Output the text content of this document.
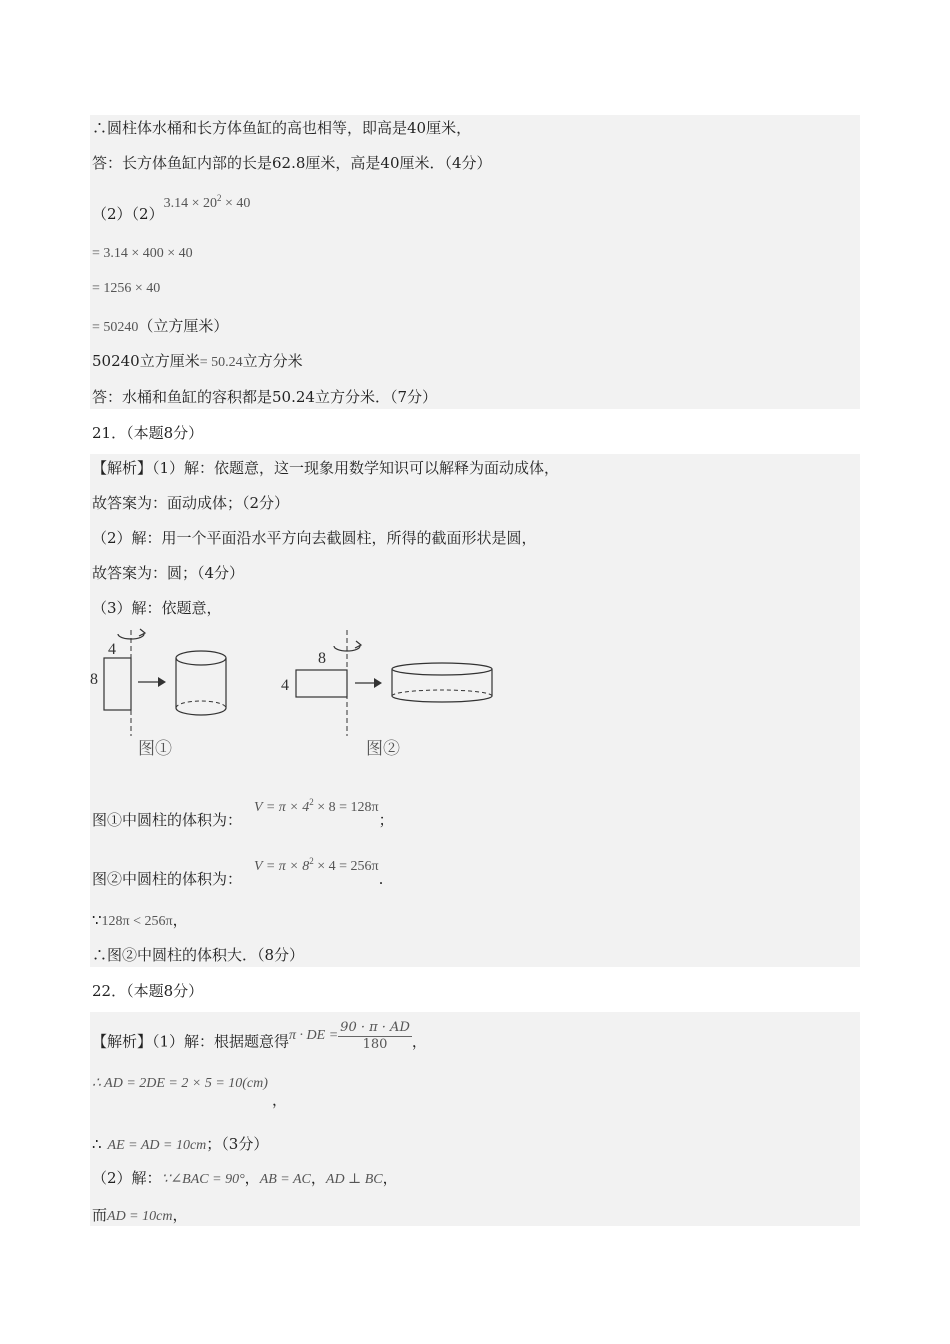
∴圆柱体水桶和长方体鱼缸的高也相等，即高是40厘米，
答：长方体鱼缸内部的长是62.8厘米，高是40厘米．（4分）
$(2)(2)3.14 \times 20^2 \times 40$
= 3.14 × 400 × 40
= 1256 × 40
= 50240（立方厘米）
50240立方厘米= 50.24立方分米
答：水桶和鱼缸的容积都是50.24立方分米．（7分）
21．（本题8分）
【解析】（1）解：依题意，这一现象用数学知识可以解释为面动成体，
故答案为：面动成体；（2分）
（2）解：用一个平面沿水平方向去截圆柱，所得的截面形状是圆，
故答案为：圆；（4分）
（3）解：依题意，
4
8
图①
8
4
图②
图①中圆柱的体积为：$V = \pi \times 4^2 \times 8 = 128\pi$；
图②中圆柱的体积为：$V = \pi \times 8^2 \times 4 = 256\pi$.
∵128π < 256π，
∴图②中圆柱的体积大．（8分）
22．（本题8分）
【解析】（1）解：根据题意得π · DE = $\frac{90 \cdot \pi \cdot AD}{180}$ ，
∴ AD = 2DE = 2 × 5 = 10(cm)
，
∴ AE = AD = 10cm；（3分）
（2）解：∵∠BAC = 90°，AB = AC，AD ⊥ BC，
而AD = 10cm，
